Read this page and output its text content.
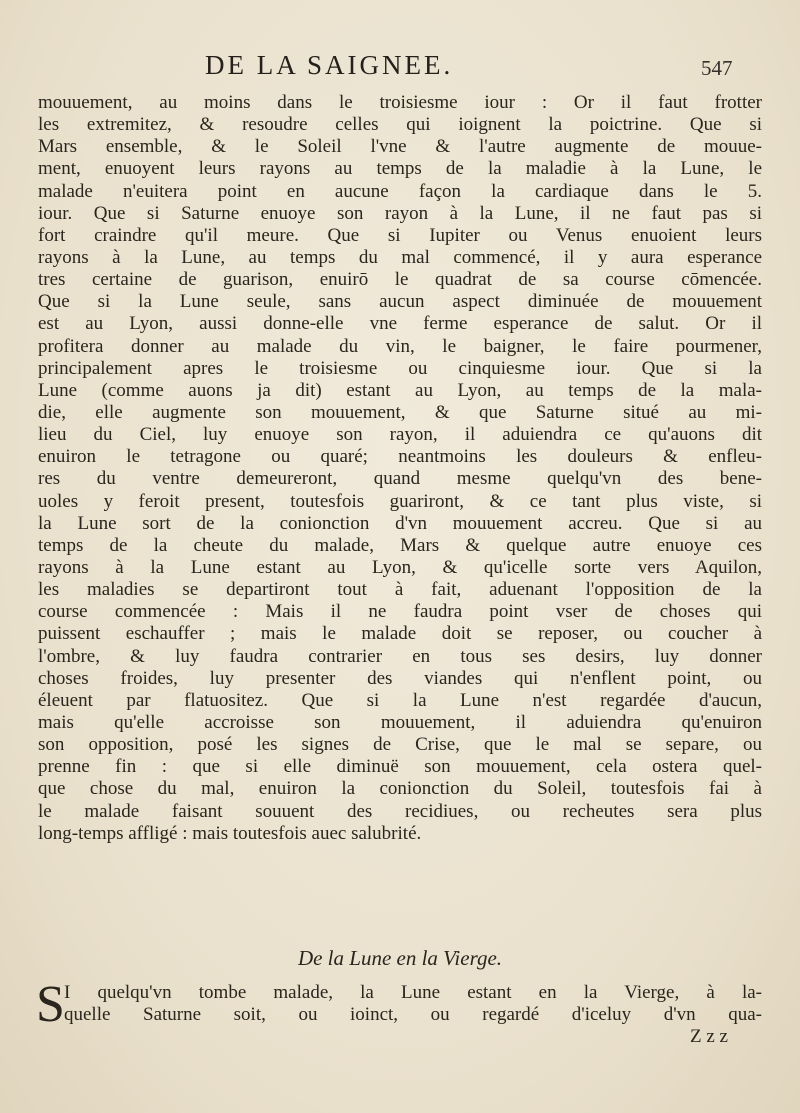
DE LA SAIGNEE.	547
mouuement, au moins dans le troisiesme iour : Or il faut frotter
les extremitez, & resoudre celles qui ioignent la poictrine. Que si
Mars ensemble, & le Soleil l'vne & l'autre augmente de mouue-
ment, enuoyent leurs rayons au temps de la maladie à la Lune, le
malade n'euitera point en aucune façon la cardiaque dans le 5.
iour. Que si Saturne enuoye son rayon à la Lune, il ne faut pas si
fort craindre qu'il meure. Que si Iupiter ou Venus enuoient leurs
rayons à la Lune, au temps du mal commencé, il y aura esperance
tres certaine de guarison, enuirō le quadrat de sa course cōmencée.
Que si la Lune seule, sans aucun aspect diminuée de mouuement
est au Lyon, aussi donne-elle vne ferme esperance de salut. Or il
profitera donner au malade du vin, le baigner, le faire pourmener,
principalement apres le troisiesme ou cinquiesme iour. Que si la
Lune (comme auons ja dit) estant au Lyon, au temps de la mala-
die, elle augmente son mouuement, & que Saturne situé au mi-
lieu du Ciel, luy enuoye son rayon, il aduiendra ce qu'auons dit
enuiron le tetragone ou quaré; neantmoins les douleurs & enfleu-
res du ventre demeureront, quand mesme quelqu'vn des bene-
uoles y feroit present, toutesfois guariront, & ce tant plus viste, si
la Lune sort de la conionction d'vn mouuement accreu. Que si au
temps de la cheute du malade, Mars & quelque autre enuoye ces
rayons à la Lune estant au Lyon, & qu'icelle sorte vers Aquilon,
les maladies se departiront tout à fait, aduenant l'opposition de la
course commencée : Mais il ne faudra point vser de choses qui
puissent eschauffer ; mais le malade doit se reposer, ou coucher à
l'ombre, & luy faudra contrarier en tous ses desirs, luy donner
choses froides, luy presenter des viandes qui n'enflent point, ou
éleuent par flatuositez. Que si la Lune n'est regardée d'aucun,
mais qu'elle accroisse son mouuement, il aduiendra qu'enuiron
son opposition, posé les signes de Crise, que le mal se separe, ou
prenne fin : que si elle diminuë son mouuement, cela ostera quel-
que chose du mal, enuiron la conionction du Soleil, toutesfois fai à
le malade faisant souuent des recidiues, ou recheutes sera plus
long-temps affligé : mais toutesfois auec salubrité.
De la Lune en la Vierge.
S I quelqu'vn tombe malade, la Lune estant en la Vierge, à la-
quelle Saturne soit, ou ioinct, ou regardé d'iceluy d'vn qua-
Z z z
